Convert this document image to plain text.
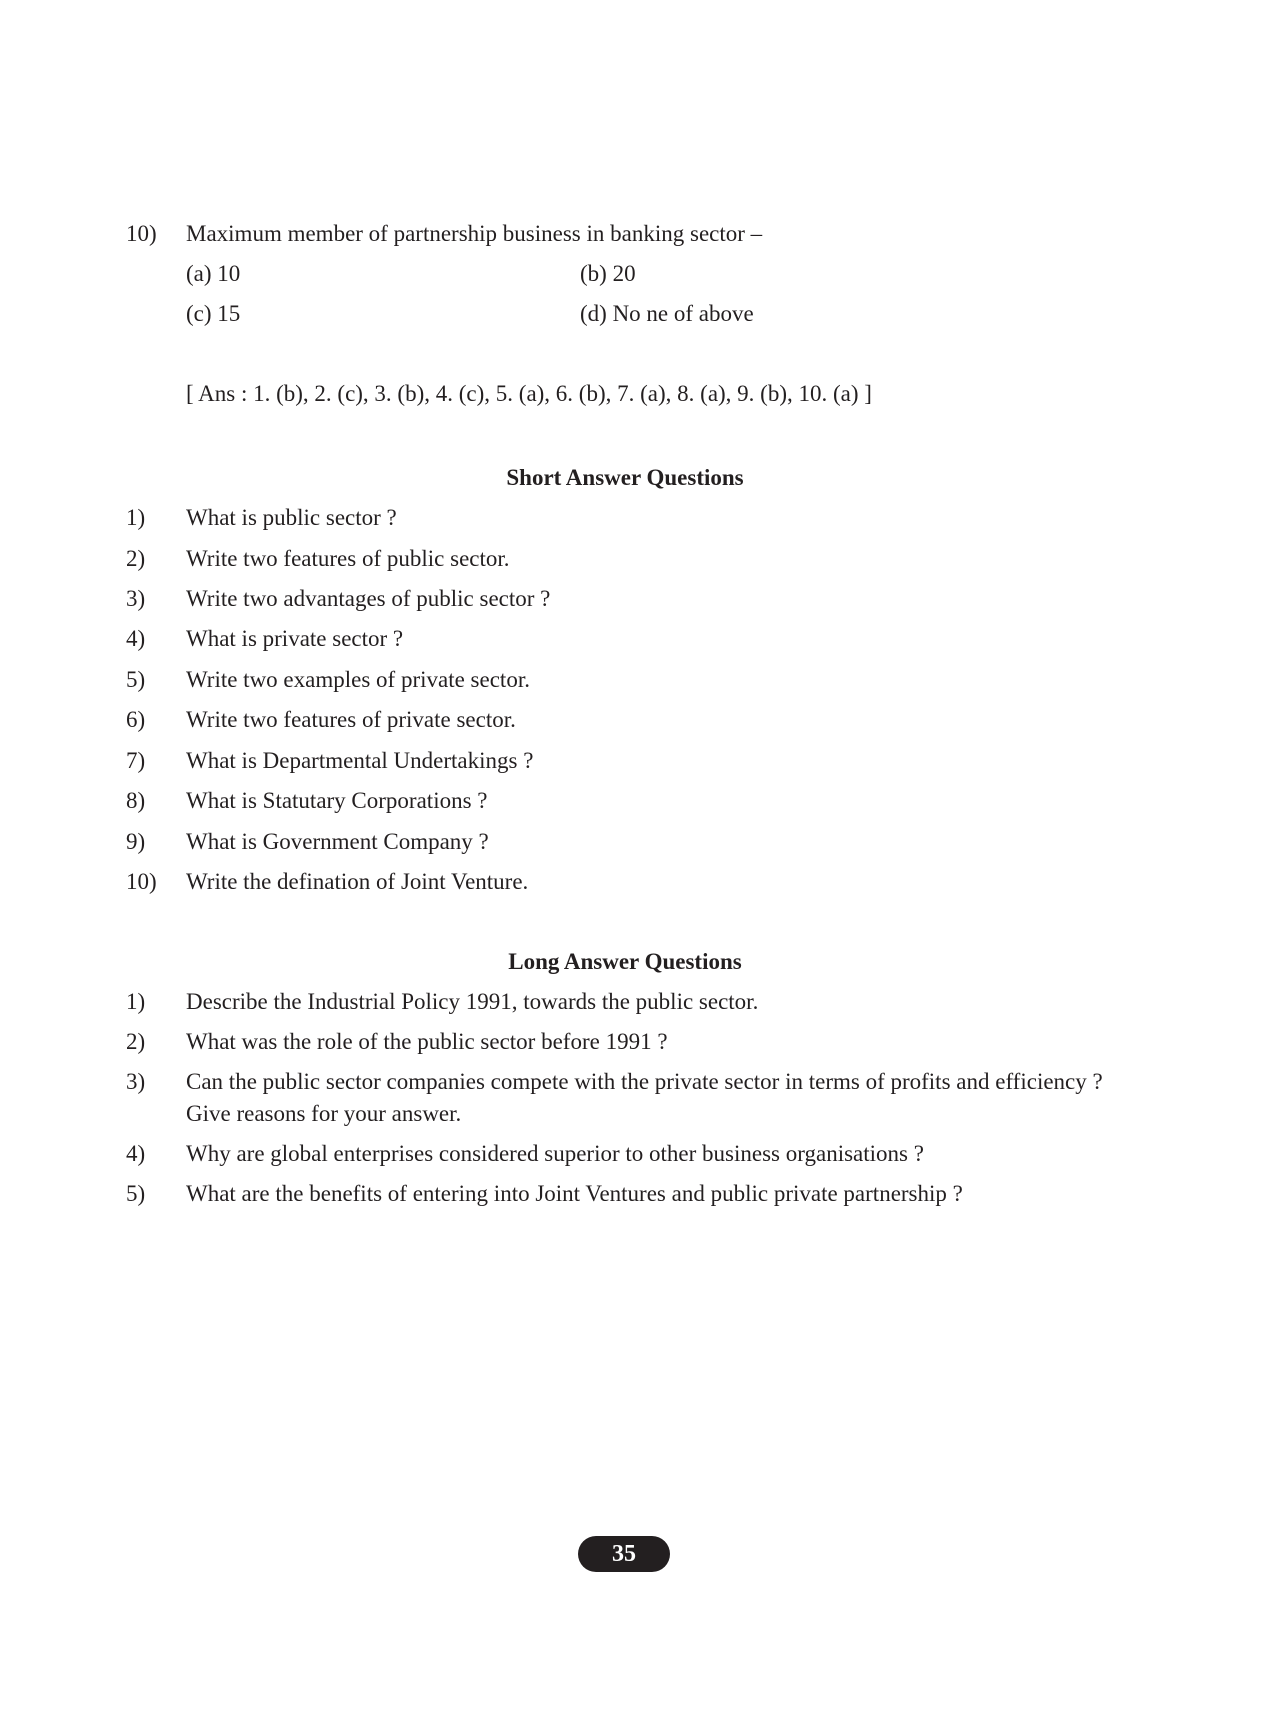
10) Maximum member of partnership business in banking sector –
(a) 10	(b) 20
(c) 15	(d) No ne of above
[ Ans : 1. (b), 2. (c), 3. (b), 4. (c), 5. (a), 6. (b), 7. (a), 8. (a), 9. (b), 10. (a) ]
Short Answer Questions
1) What is public sector ?
2) Write two features of public sector.
3) Write two advantages of public sector ?
4) What is private sector ?
5) Write two examples of private sector.
6) Write two features of private sector.
7) What is Departmental Undertakings ?
8) What is Statutary Corporations ?
9) What is Government Company ?
10) Write the defination of Joint Venture.
Long Answer Questions
1) Describe the Industrial Policy 1991, towards the public sector.
2) What was the role of the public sector before 1991 ?
3) Can the public sector companies compete with the private sector in terms of profits and efficiency ?
Give reasons for your answer.
4) Why are global enterprises considered superior to other business organisations ?
5) What are the benefits of entering into Joint Ventures and public private partnership ?
35
